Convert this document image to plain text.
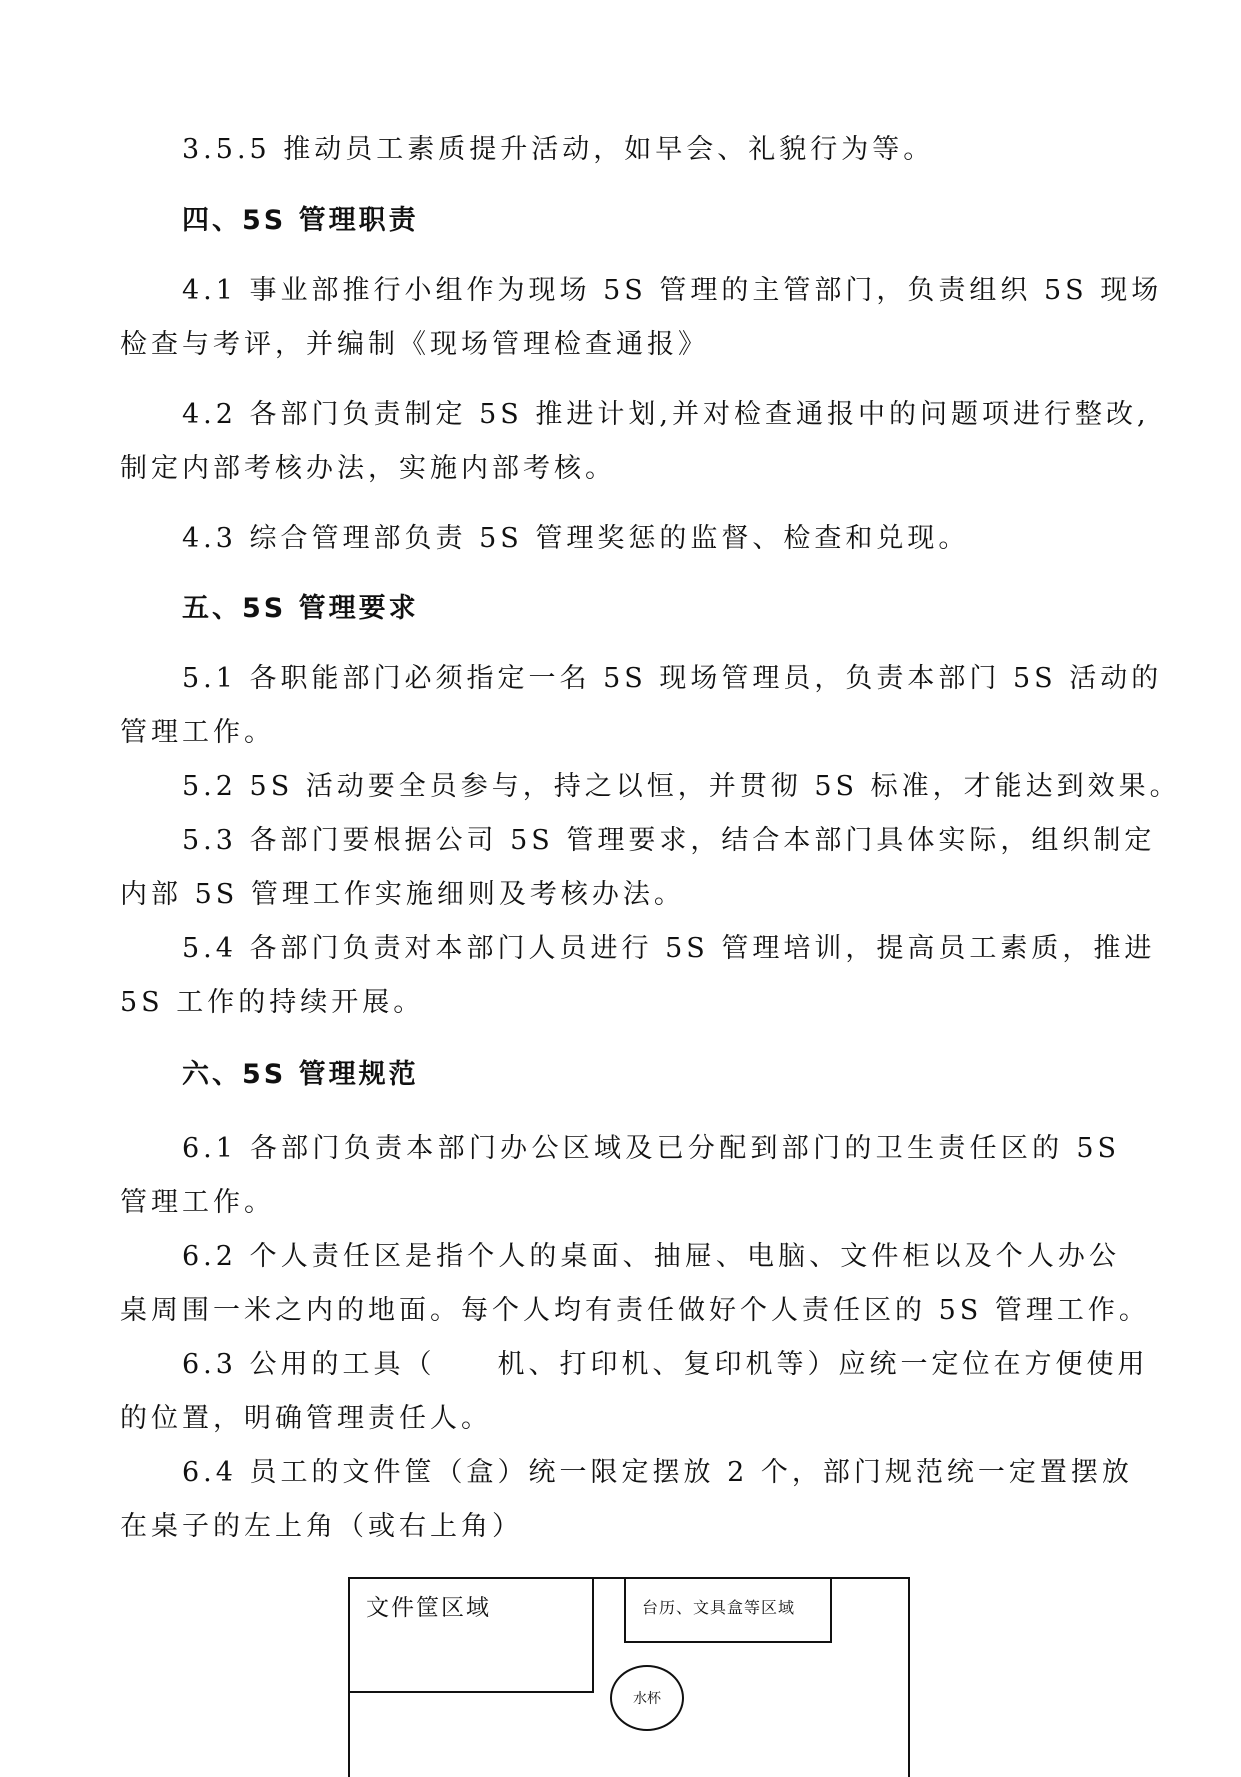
3.5.5 推动员工素质提升活动，如早会、礼貌行为等。
四、5S 管理职责
4.1 事业部推行小组作为现场 5S 管理的主管部门，负责组织 5S 现场
检查与考评，并编制《现场管理检查通报》
4.2 各部门负责制定 5S 推进计划,并对检查通报中的问题项进行整改,
制定内部考核办法，实施内部考核。
4.3 综合管理部负责 5S 管理奖惩的监督、检查和兑现。
五、5S 管理要求
5.1 各职能部门必须指定一名 5S 现场管理员，负责本部门 5S 活动的
管理工作。
5.2 5S 活动要全员参与，持之以恒，并贯彻 5S 标准，才能达到效果。
5.3 各部门要根据公司 5S 管理要求，结合本部门具体实际，组织制定
内部 5S 管理工作实施细则及考核办法。
5.4 各部门负责对本部门人员进行 5S 管理培训，提高员工素质，推进
5S 工作的持续开展。
六、5S 管理规范
6.1 各部门负责本部门办公区域及已分配到部门的卫生责任区的 5S
管理工作。
6.2 个人责任区是指个人的桌面、抽屉、电脑、文件柜以及个人办公
桌周围一米之内的地面。每个人均有责任做好个人责任区的 5S 管理工作。
6.3 公用的工具（　　机、打印机、复印机等）应统一定位在方便使用
的位置，明确管理责任人。
6.4 员工的文件筐（盒）统一限定摆放 2 个，部门规范统一定置摆放
在桌子的左上角（或右上角）
文件筐区域	台历、文具盒等区域
水杯
